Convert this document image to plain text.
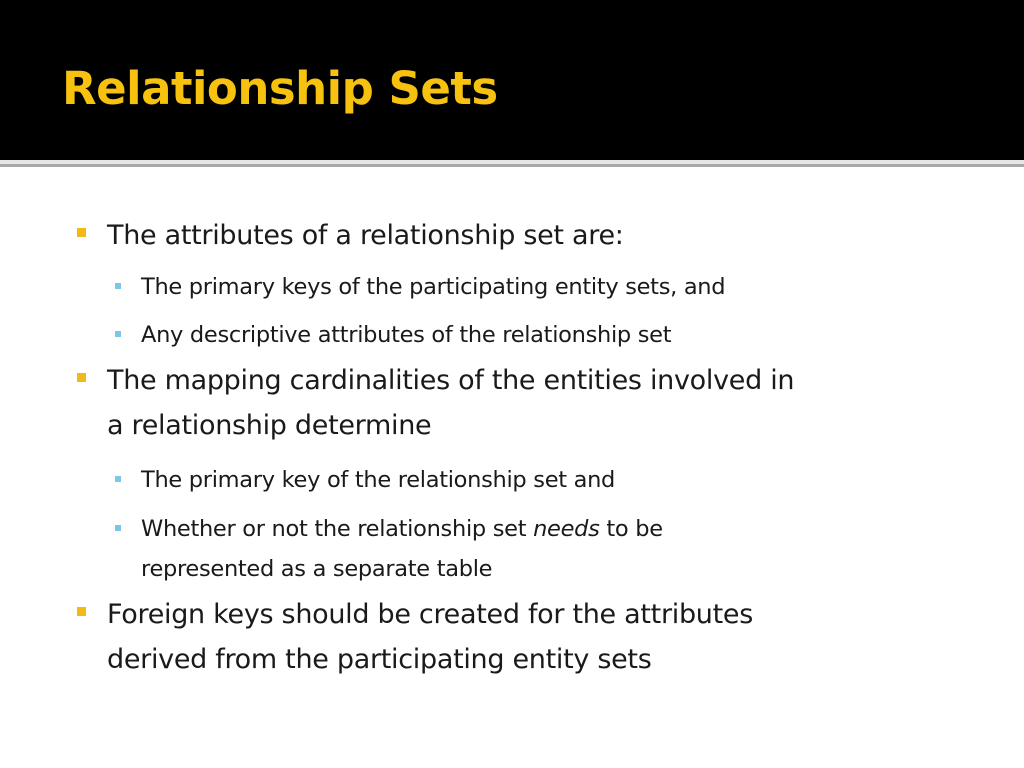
Relationship Sets
The attributes of a relationship set are:
The primary keys of the participating entity sets, and
Any descriptive attributes of the relationship set
The mapping cardinalities of the entities involved in
a relationship determine
The primary key of the relationship set and
Whether or not the relationship set needs to be
represented as a separate table
Foreign keys should be created for the attributes
derived from the participating entity sets
